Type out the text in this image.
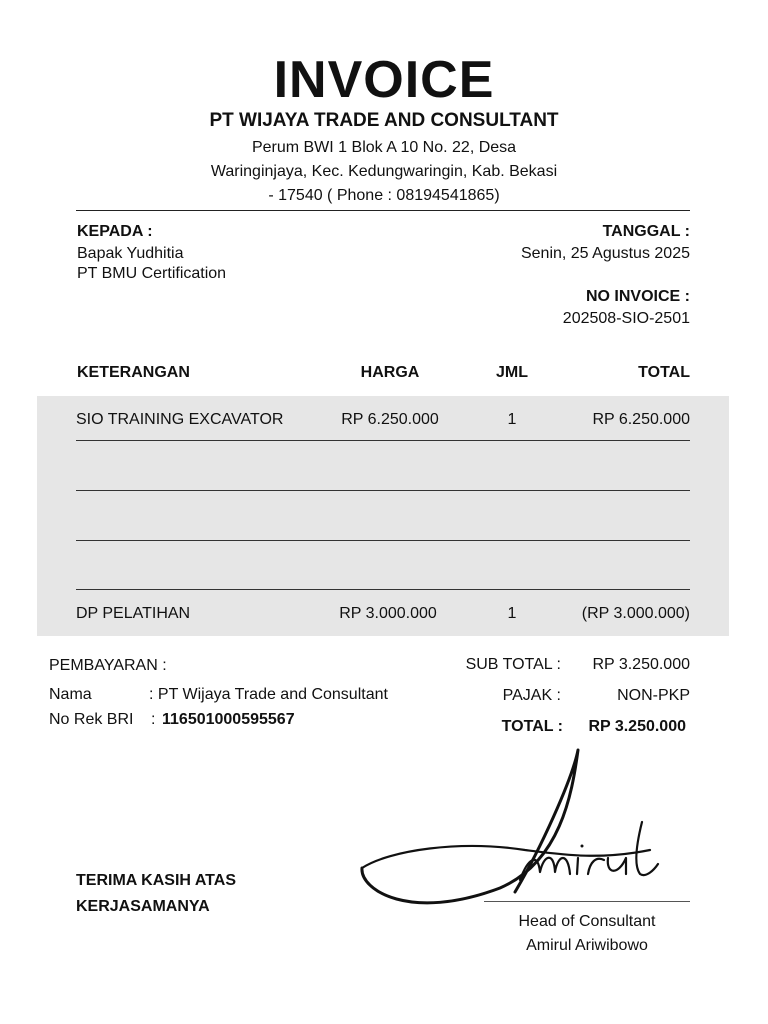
INVOICE
PT WIJAYA TRADE AND CONSULTANT
Perum BWI 1 Blok A 10 No. 22, Desa
Waringinjaya, Kec. Kedungwaringin, Kab. Bekasi
- 17540 ( Phone : 08194541865)
KEPADA :
Bapak Yudhitia
PT BMU Certification
TANGGAL :
Senin, 25 Agustus 2025
NO INVOICE :
202508-SIO-2501
KETERANGAN	HARGA	JML	TOTAL
SIO TRAINING EXCAVATOR	RP 6.250.000	1	RP 6.250.000
DP PELATIHAN	RP 3.000.000	1	(RP 3.000.000)
PEMBAYARAN :
Nama	: PT Wijaya Trade and Consultant
No Rek BRI : 116501000595567
SUB TOTAL : RP 3.250.000
PAJAK :	NON-PKP
TOTAL : RP 3.250.000
TERIMA KASIH ATAS
KERJASAMANYA
Amirul
Head of Consultant
Amirul Ariwibowo
